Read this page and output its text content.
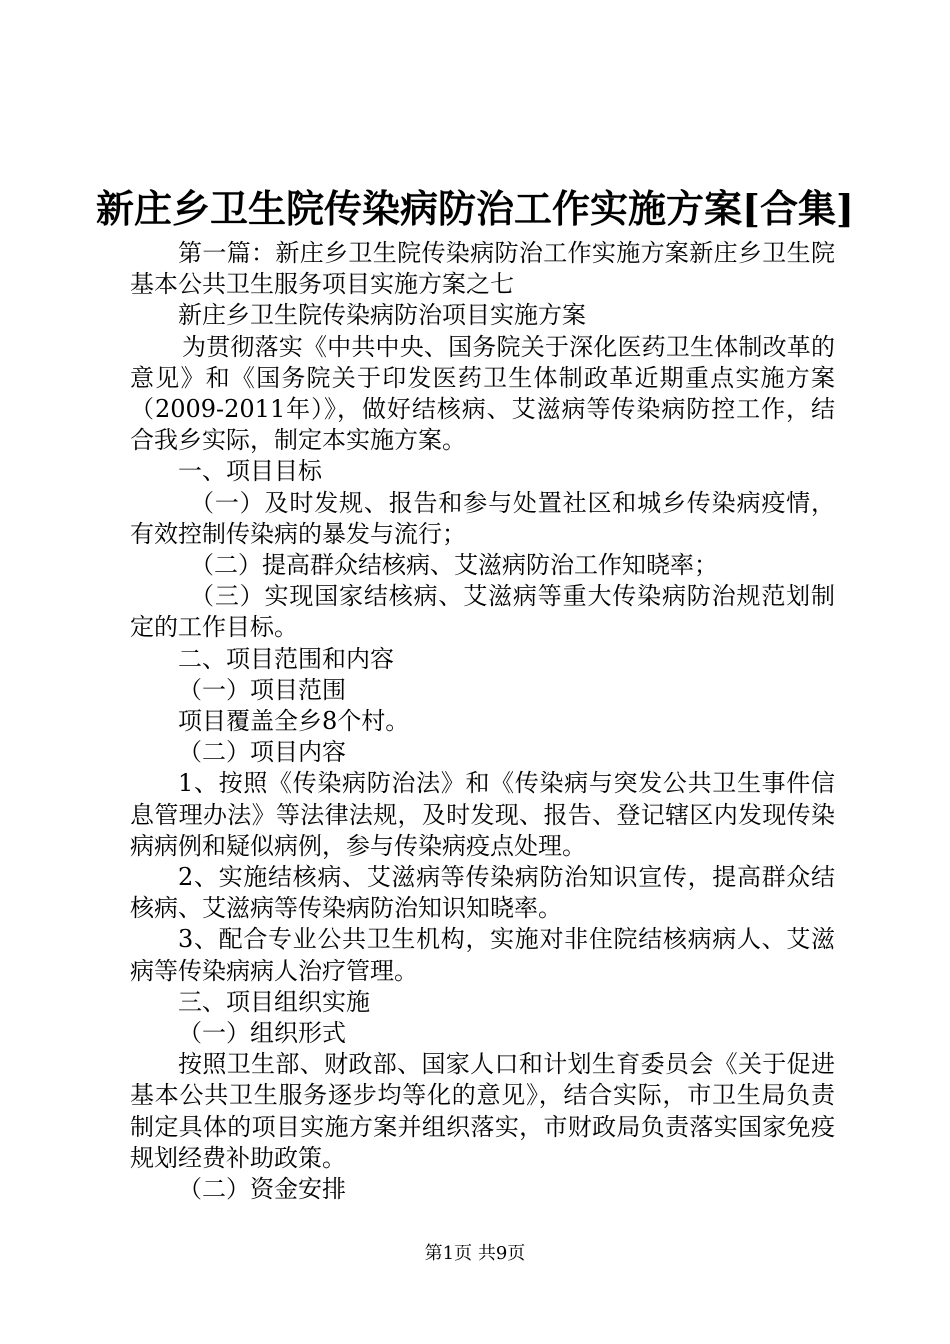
新庄乡卫生院传染病防治工作实施方案[合集]

第一篇：新庄乡卫生院传染病防治工作实施方案新庄乡卫生院基本公共卫生服务项目实施方案之七

新庄乡卫生院传染病防治项目实施方案

为贯彻落实《中共中央、国务院关于深化医药卫生体制改革的意见》和《国务院关于印发医药卫生体制政革近期重点实施方案（2009-2011年）》，做好结核病、艾滋病等传染病防控工作，结合我乡实际，制定本实施方案。

一、项目目标

（一）及时发规、报告和参与处置社区和城乡传染病疫情，有效控制传染病的暴发与流行；

（二）提高群众结核病、艾滋病防治工作知晓率；

（三）实现国家结核病、艾滋病等重大传染病防治规范划制定的工作目标。

二、项目范围和内容

（一）项目范围

项目覆盖全乡8个村。

（二）项目内容

1、按照《传染病防治法》和《传染病与突发公共卫生事件信息管理办法》等法律法规，及时发现、报告、登记辖区内发现传染病病例和疑似病例，参与传染病疫点处理。

2、实施结核病、艾滋病等传染病防治知识宣传，提高群众结核病、艾滋病等传染病防治知识知晓率。

3、配合专业公共卫生机构，实施对非住院结核病病人、艾滋病等传染病病人治疗管理。

三、项目组织实施

（一）组织形式

按照卫生部、财政部、国家人口和计划生育委员会《关于促进基本公共卫生服务逐步均等化的意见》，结合实际，市卫生局负责制定具体的项目实施方案并组织落实，市财政局负责落实国家免疫规划经费补助政策。

（二）资金安排

第1页 共9页
